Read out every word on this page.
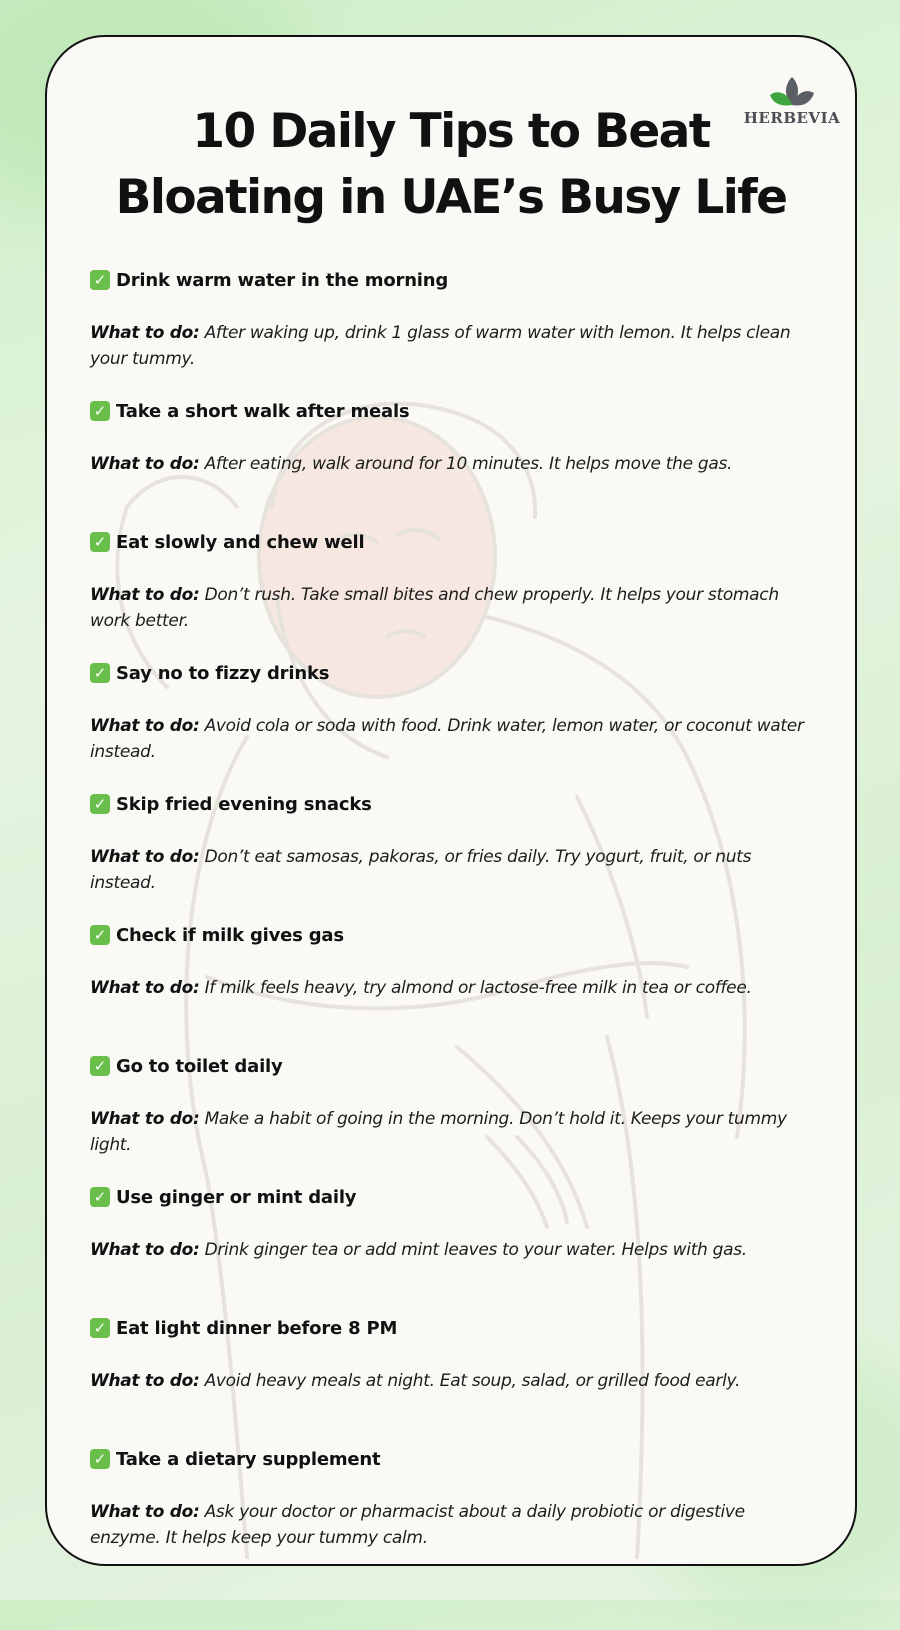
HERBEVIA
10 Daily Tips to Beat
Bloating in UAE’s Busy Life
✓ Drink warm water in the morning
What to do: After waking up, drink 1 glass of warm water with lemon. It helps clean your tummy.
✓ Take a short walk after meals
What to do: After eating, walk around for 10 minutes. It helps move the gas.
✓ Eat slowly and chew well
What to do: Don’t rush. Take small bites and chew properly. It helps your stomach work better.
✓ Say no to fizzy drinks
What to do: Avoid cola or soda with food. Drink water, lemon water, or coconut water instead.
✓ Skip fried evening snacks
What to do: Don’t eat samosas, pakoras, or fries daily. Try yogurt, fruit, or nuts instead.
✓ Check if milk gives gas
What to do: If milk feels heavy, try almond or lactose-free milk in tea or coffee.
✓ Go to toilet daily
What to do: Make a habit of going in the morning. Don’t hold it. Keeps your tummy light.
✓ Use ginger or mint daily
What to do: Drink ginger tea or add mint leaves to your water. Helps with gas.
✓ Eat light dinner before 8 PM
What to do: Avoid heavy meals at night. Eat soup, salad, or grilled food early.
✓ Take a dietary supplement
What to do: Ask your doctor or pharmacist about a daily probiotic or digestive enzyme. It helps keep your tummy calm.
